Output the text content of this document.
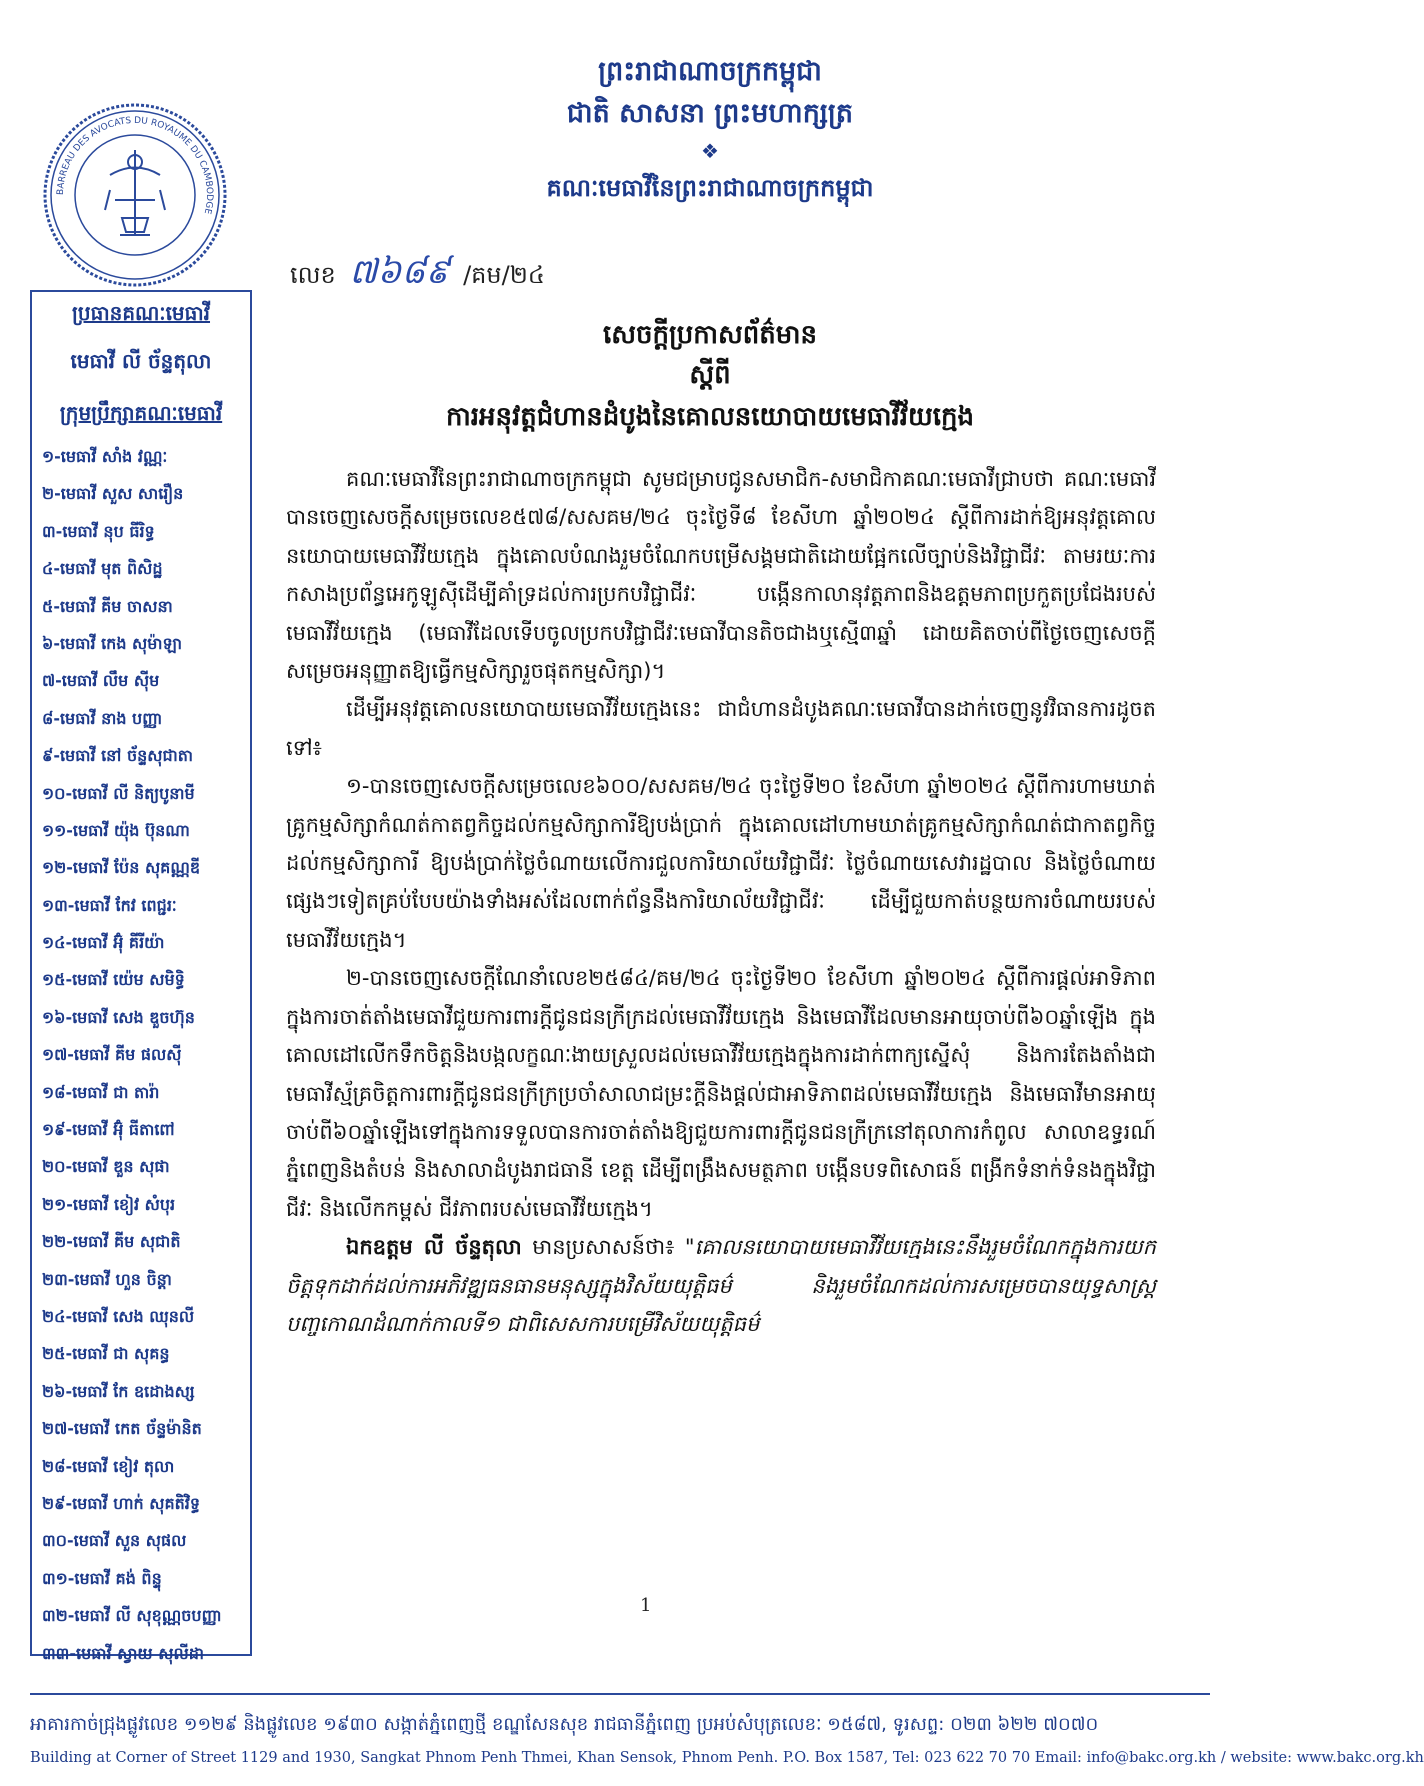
BARREAU DES AVOCATS DU ROYAUME DU CAMBODGE
ព្រះរាជាណាចក្រកម្ពុជា
ជាតិ សាសនា ព្រះមហាក្សត្រ
❖
គណៈមេធាវីនៃព្រះរាជាណាចក្រកម្ពុជា
លេខ ៧៦៨៩ /គម/២៤
ប្រធានគណៈមេធាវី
មេធាវី លី ច័ន្ទតុលា
ក្រុមប្រឹក្សាគណៈមេធាវី
១-មេធាវី សាំង វណ្ណៈ
២-មេធាវី សួស សារឿន
៣-មេធាវី នុប ធីរិទ្ធ
៤-មេធាវី មុត ពិសិដ្ឋ
៥-មេធាវី គីម ចាសនា
៦-មេធាវី កេង សុម៉ាឡា
៧-មេធាវី លឹម ស៊ីម
៨-មេធាវី នាង បញ្ញា
៩-មេធាវី នៅ ច័ន្ទសុជាតា
១០-មេធាវី លី និត្យបូនាមី
១១-មេធាវី យ៉ុង ប៊ុនណា
១២-មេធាវី ប៉ែន សុគណ្ណឌី
១៣-មេធាវី កែវ ពេជ្ជរៈ
១៤-មេធាវី អ៊ុំ គីរីយ៉ា
១៥-មេធាវី យ៉េម សមិទ្ធិ
១៦-មេធាវី សេង ឌួចហ៊ុន
១៧-មេធាវី គីម ផលស៊ី
១៨-មេធាវី ជា តារ៉ា
១៩-មេធាវី អ៊ុំ ធីតាពៅ
២០-មេធាវី ឌួន សុផា
២១-មេធាវី ខៀវ សំបុរ
២២-មេធាវី គីម សុជាតិ
២៣-មេធាវី ហួន ចិន្តា
២៤-មេធាវី សេង ឈុនលី
២៥-មេធាវី ជា សុគន្ធ
២៦-មេធាវី កែ ឧដោងស្ស
២៧-មេធាវី កេត ច័ន្ទម៉ានិត
២៨-មេធាវី ខៀវ តុលា
២៩-មេធាវី ហាក់ សុគតិវិទ្ធ
៣០-មេធាវី សួន សុផល
៣១-មេធាវី គង់ ពិន្ទុ
៣២-មេធាវី លី សុខុណ្ណចបញ្ញា
៣៣-មេធាវី ស្វាយ សុលីដា
សេចក្តីប្រកាសព័ត៌មាន
ស្តីពី
ការអនុវត្តជំហានដំបូងនៃគោលនយោបាយមេធាវីវ័យក្មេង

គណៈមេធាវីនៃព្រះរាជាណាចក្រកម្ពុជា សូមជម្រាបជូនសមាជិក-សមាជិកាគណៈមេធាវីជ្រាបថា គណៈមេធាវីបានចេញសេចក្តីសម្រេចលេខ៥៧៨/សសគម/២៤ ចុះថ្ងៃទី៨ ខែសីហា ឆ្នាំ២០២៤ ស្តីពីការដាក់ឱ្យអនុវត្តគោលនយោបាយមេធាវីវ័យក្មេង ក្នុងគោលបំណងរួមចំណែកបម្រើសង្គមជាតិដោយផ្អែកលើច្បាប់និងវិជ្ជាជីវៈ តាមរយៈការកសាងប្រព័ន្ធអេកូឡូស៊ីដើម្បីគាំទ្រដល់ការប្រកបវិជ្ជាជីវៈ បង្កើនកាលានុវត្តភាពនិងឧត្តមភាពប្រកួតប្រជែងរបស់មេធាវីវ័យក្មេង (មេធាវីដែលទើបចូលប្រកបវិជ្ជាជីវៈមេធាវីបានតិចជាងឬស្មើ៣ឆ្នាំ ដោយគិតចាប់ពីថ្ងៃចេញសេចក្តីសម្រេចអនុញ្ញាតឱ្យធ្វើកម្មសិក្សារួចផុតកម្មសិក្សា)។

ដើម្បីអនុវត្តគោលនយោបាយមេធាវីវ័យក្មេងនេះ ជាជំហានដំបូងគណៈមេធាវីបានដាក់ចេញនូវវិធានការដូចតទៅ៖

១-បានចេញសេចក្តីសម្រេចលេខ៦០០/សសគម/២៤ ចុះថ្ងៃទី២០ ខែសីហា ឆ្នាំ២០២៤ ស្តីពីការហាមឃាត់គ្រូកម្មសិក្សាកំណត់កាតព្វកិច្ចដល់កម្មសិក្សាការីឱ្យបង់ប្រាក់ ក្នុងគោលដៅហាមឃាត់គ្រូកម្មសិក្សាកំណត់ជាកាតព្វកិច្ចដល់កម្មសិក្សាការី ឱ្យបង់ប្រាក់ថ្លៃចំណាយលើការជួលការិយាល័យវិជ្ជាជីវៈ ថ្លៃចំណាយសេវារដ្ឋបាល និងថ្លៃចំណាយផ្សេងៗទៀតគ្រប់បែបយ៉ាងទាំងអស់ដែលពាក់ព័ន្ធនឹងការិយាល័យវិជ្ជាជីវៈ ដើម្បីជួយកាត់បន្ថយការចំណាយរបស់មេធាវីវ័យក្មេង។

២-បានចេញសេចក្តីណែនាំលេខ២៥៨៤/គម/២៤ ចុះថ្ងៃទី២០ ខែសីហា ឆ្នាំ២០២៤ ស្តីពីការផ្តល់អាទិភាពក្នុងការចាត់តាំងមេធាវីជួយការពារក្តីជូនជនក្រីក្រដល់មេធាវីវ័យក្មេង និងមេធាវីដែលមានអាយុចាប់ពី៦០ឆ្នាំឡើង ក្នុងគោលដៅលើកទឹកចិត្តនិងបង្កលក្ខណៈងាយស្រួលដល់មេធាវីវ័យក្មេងក្នុងការដាក់ពាក្យស្នើសុំ និងការតែងតាំងជាមេធាវីស្ម័គ្រចិត្តការពារក្តីជូនជនក្រីក្រប្រចាំសាលាជម្រះក្តីនិងផ្តល់ជាអាទិភាពដល់មេធាវីវ័យក្មេង និងមេធាវីមានអាយុចាប់ពី៦០ឆ្នាំឡើងទៅក្នុងការទទួលបានការចាត់តាំងឱ្យជួយការពារក្តីជូនជនក្រីក្រនៅតុលាការកំពូល សាលាឧទ្ធរណ៍ភ្នំពេញនិងតំបន់ និងសាលាដំបូងរាជធានី ខេត្ត ដើម្បីពង្រឹងសមត្ថភាព បង្កើនបទពិសោធន៍ ពង្រីកទំនាក់ទំនងក្នុងវិជ្ជាជីវៈ និងលើកកម្ពស់ ជីវភាពរបស់មេធាវីវ័យក្មេង។

ឯកឧត្តម លី ច័ន្ទតុលា មានប្រសាសន៍ថា៖ "គោលនយោបាយមេធាវីវ័យក្មេងនេះនឹងរួមចំណែកក្នុងការយកចិត្តទុកដាក់ដល់ការអភិវឌ្ឍធនធានមនុស្សក្នុងវិស័យយុត្តិធម៌ និងរួមចំណែកដល់ការសម្រេចបានយុទ្ធសាស្ត្របញ្ចកោណដំណាក់កាលទី១ ជាពិសេសការបម្រើវិស័យយុត្តិធម៌

1
អាគារកាច់ជ្រុងផ្លូវលេខ ១១២៩ និងផ្លូវលេខ ១៩៣០ សង្កាត់ភ្នំពេញថ្មី ខណ្ឌសែនសុខ រាជធានីភ្នំពេញ ប្រអប់សំបុត្រលេខៈ ១៥៨៧, ទូរសព្ទ: ០២៣ ៦២២ ៧០៧០
Building at Corner of Street 1129 and 1930, Sangkat Phnom Penh Thmei, Khan Sensok, Phnom Penh. P.O. Box 1587, Tel: 023 622 70 70 Email: info@bakc.org.kh / website: www.bakc.org.kh
